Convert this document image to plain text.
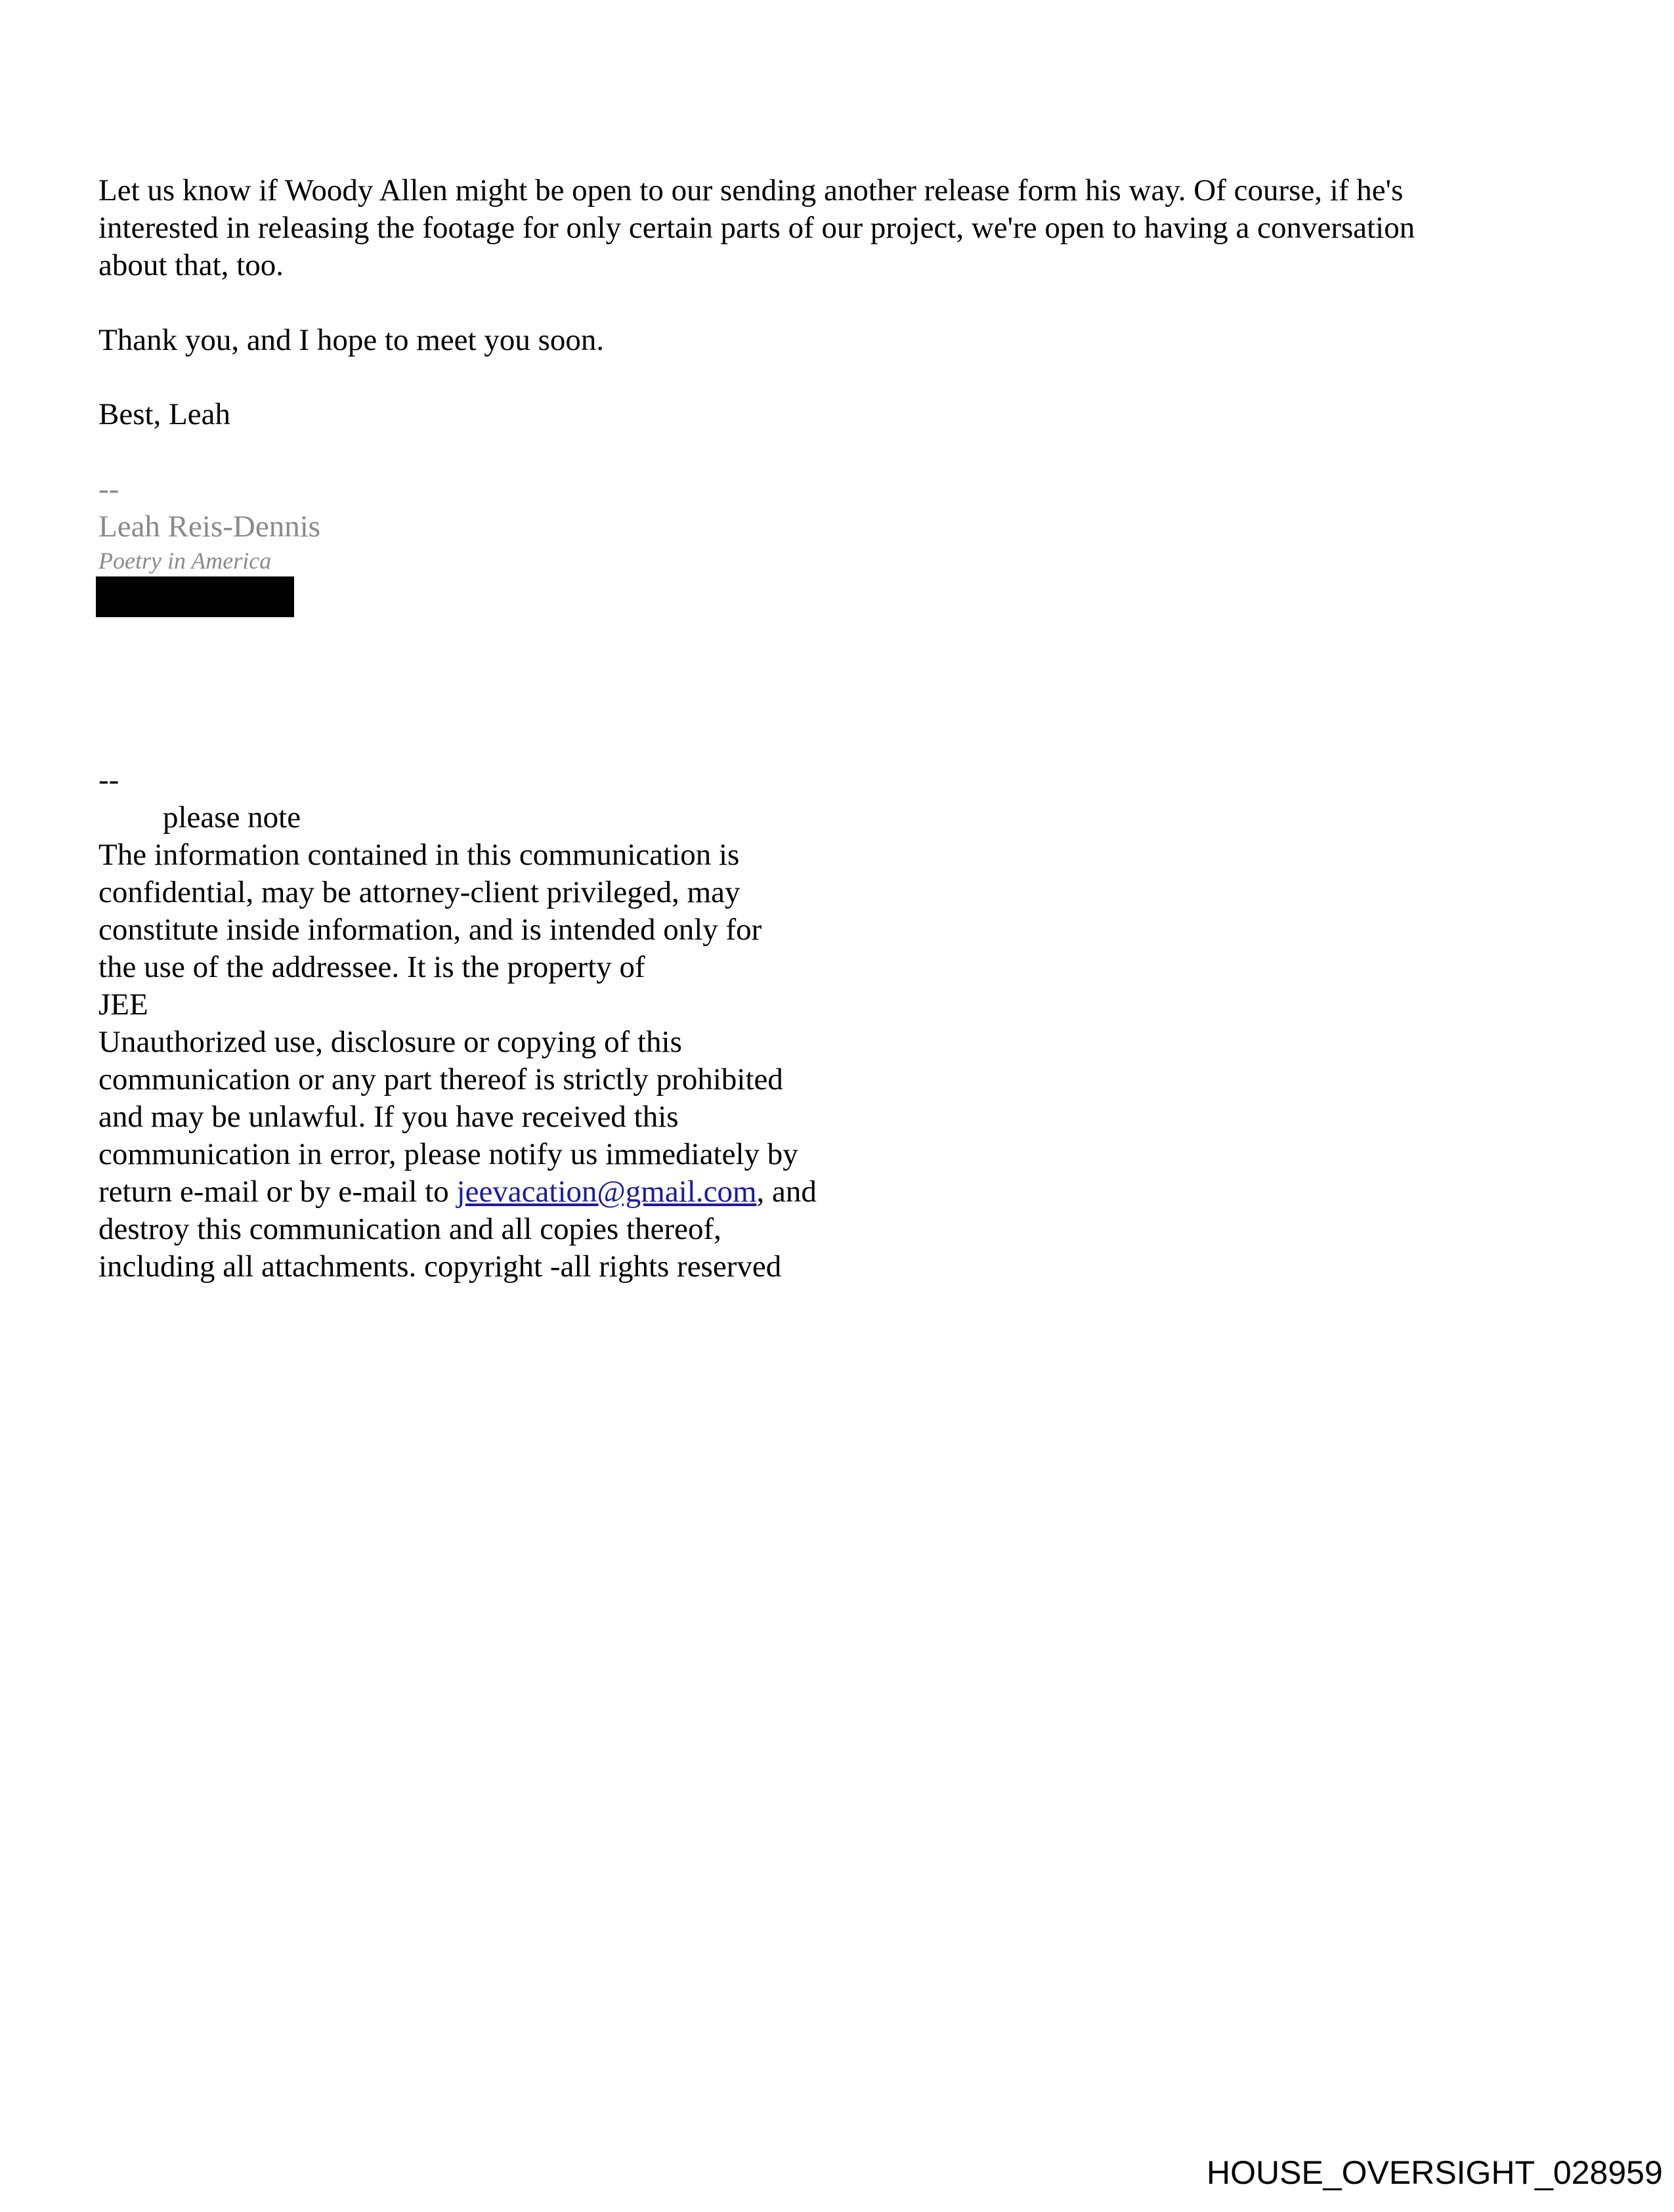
Let us know if Woody Allen might be open to our sending another release form his way. Of course, if he's
interested in releasing the footage for only certain parts of our project, we're open to having a conversation
about that, too.
Thank you, and I hope to meet you soon.
Best, Leah
--
Leah Reis-Dennis
Poetry in America
--
please note
The information contained in this communication is
confidential, may be attorney-client privileged, may
constitute inside information, and is intended only for
the use of the addressee. It is the property of
JEE
Unauthorized use, disclosure or copying of this
communication or any part thereof is strictly prohibited
and may be unlawful. If you have received this
communication in error, please notify us immediately by
return e-mail or by e-mail to jeevacation@gmail.com, and
destroy this communication and all copies thereof,
including all attachments. copyright -all rights reserved
HOUSE_OVERSIGHT_028959
